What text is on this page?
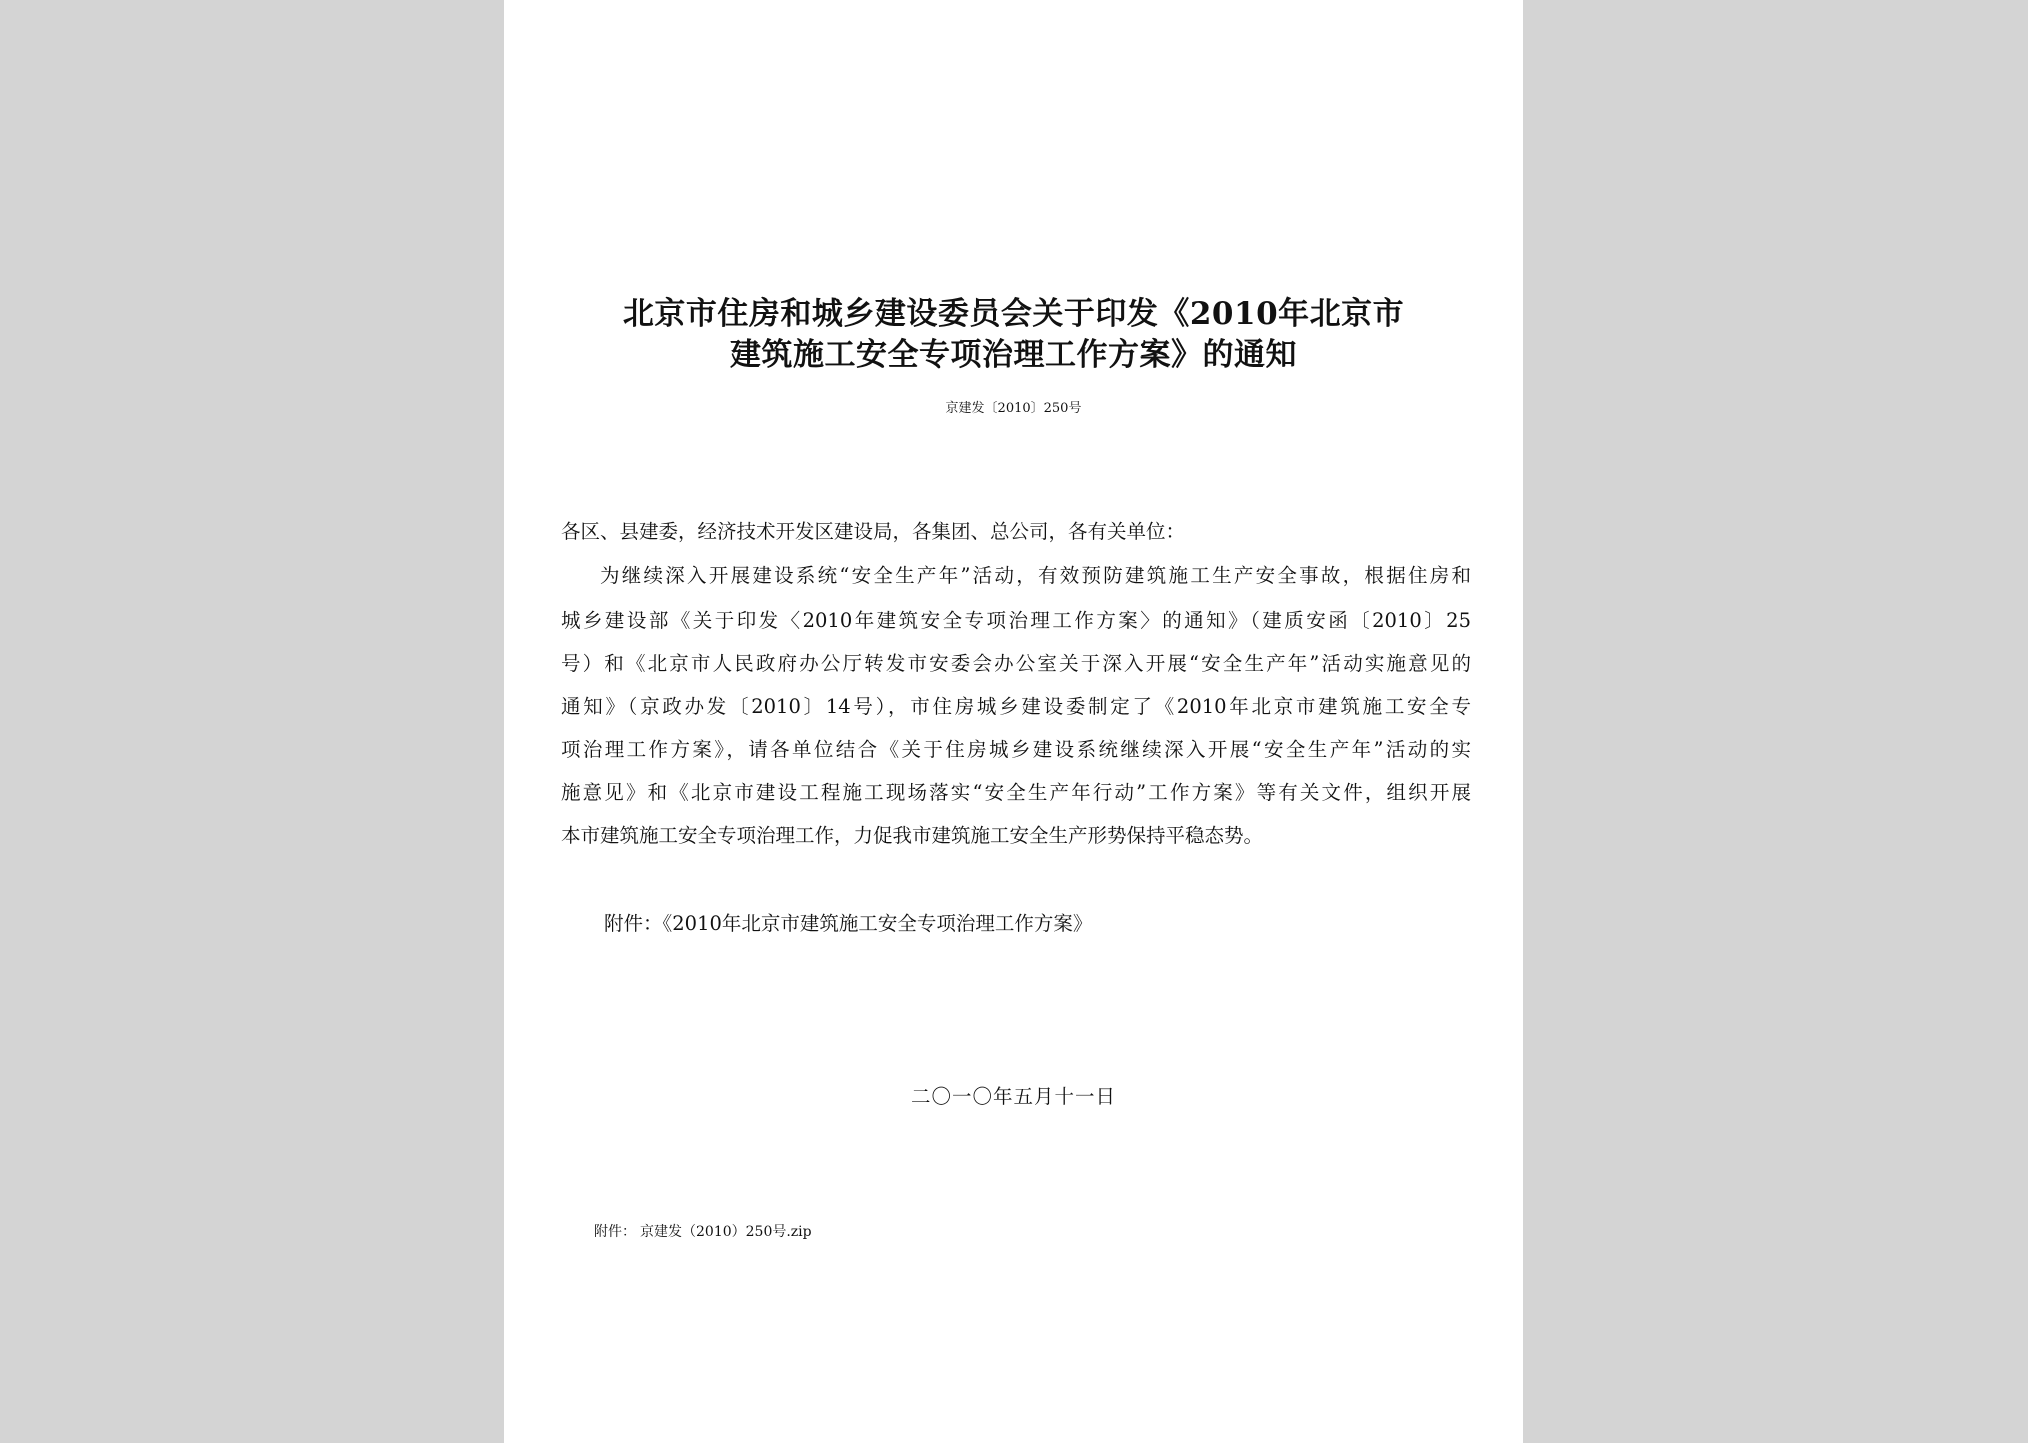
北京市住房和城乡建设委员会关于印发《2010年北京市
建筑施工安全专项治理工作方案》的通知
京建发〔2010〕250号
各区、县建委，经济技术开发区建设局，各集团、总公司，各有关单位：
为继续深入开展建设系统“安全生产年”活动，有效预防建筑施工生产安全事故，根据住房和
城乡建设部《关于印发〈2010年建筑安全专项治理工作方案〉的通知》（建质安函〔2010〕25
号）和《北京市人民政府办公厅转发市安委会办公室关于深入开展“安全生产年”活动实施意见的
通知》（京政办发〔2010〕14号），市住房城乡建设委制定了《2010年北京市建筑施工安全专
项治理工作方案》，请各单位结合《关于住房城乡建设系统继续深入开展“安全生产年”活动的实
施意见》和《北京市建设工程施工现场落实“安全生产年行动”工作方案》等有关文件，组织开展
本市建筑施工安全专项治理工作，力促我市建筑施工安全生产形势保持平稳态势。
附件：《2010年北京市建筑施工安全专项治理工作方案》
二〇一〇年五月十一日
附件： 京建发（2010）250号.zip
